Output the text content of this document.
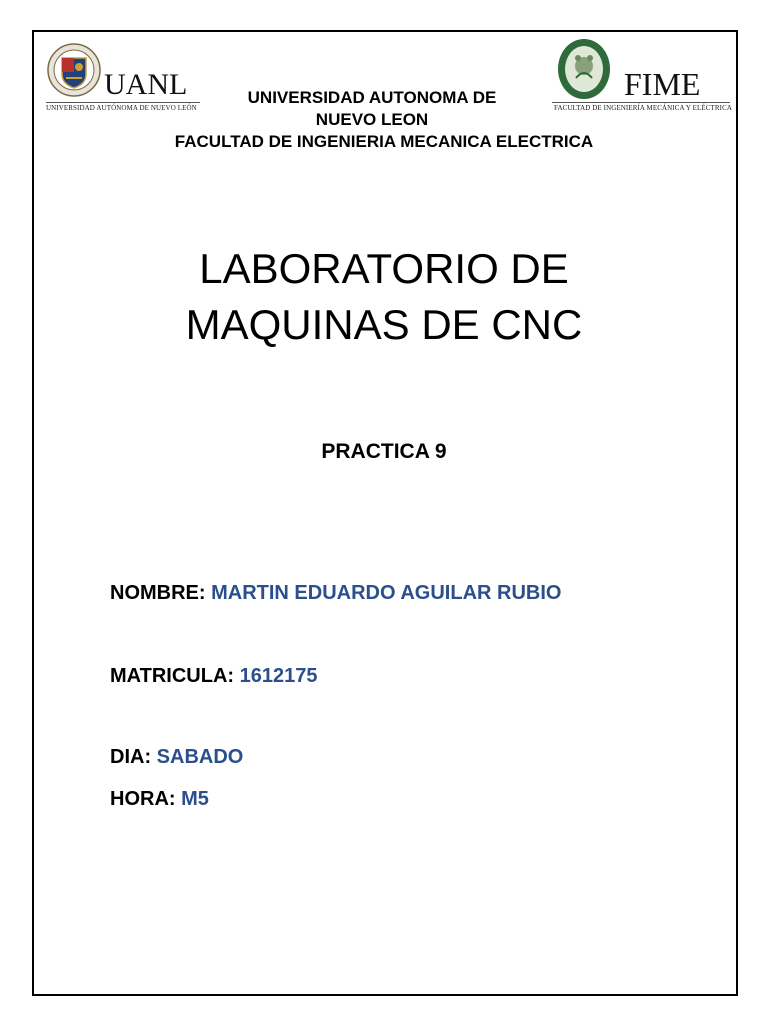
UANL
UNIVERSIDAD AUTÓNOMA DE NUEVO LEÓN
FIME
FACULTAD DE INGENIERÍA MECÁNICA Y ELÉCTRICA
UNIVERSIDAD AUTONOMA DE
NUEVO LEON
FACULTAD DE INGENIERIA MECANICA ELECTRICA
LABORATORIO DE
MAQUINAS DE CNC
PRACTICA 9
NOMBRE: MARTIN EDUARDO AGUILAR RUBIO
MATRICULA: 1612175
DIA: SABADO
HORA: M5
